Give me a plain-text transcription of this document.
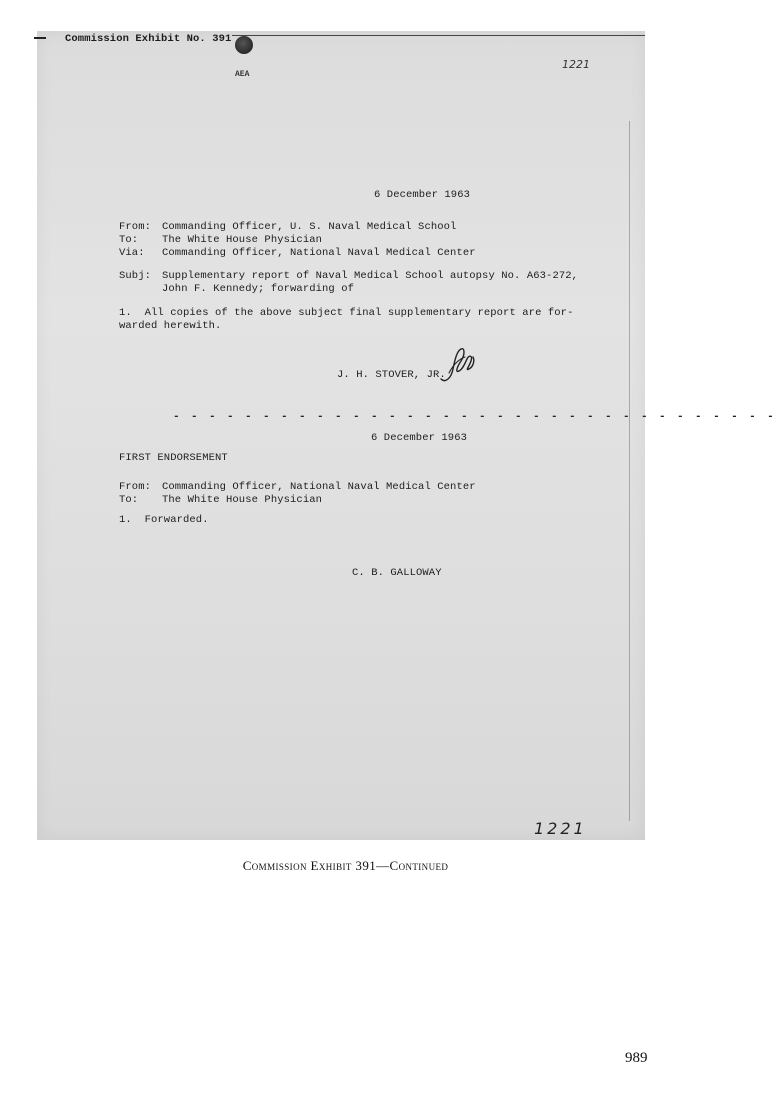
Commission Exhibit No. 391
AEA
1221
6 December 1963
From: Commanding Officer, U. S. Naval Medical School
To: The White House Physician
Via: Commanding Officer, National Naval Medical Center
Subj: Supplementary report of Naval Medical School autopsy No. A63-272,
John F. Kennedy; forwarding of
1.  All copies of the above subject final supplementary report are for-
warded herewith.
J. H. STOVER, JR.
- - - - - - - - - - - - - - - - - - - - - - - - - - - - - - - - - -
6 December 1963
FIRST ENDORSEMENT
From: Commanding Officer, National Naval Medical Center
To: The White House Physician
1.  Forwarded.
C. B. GALLOWAY
1221
Commission Exhibit 391—Continued
989
